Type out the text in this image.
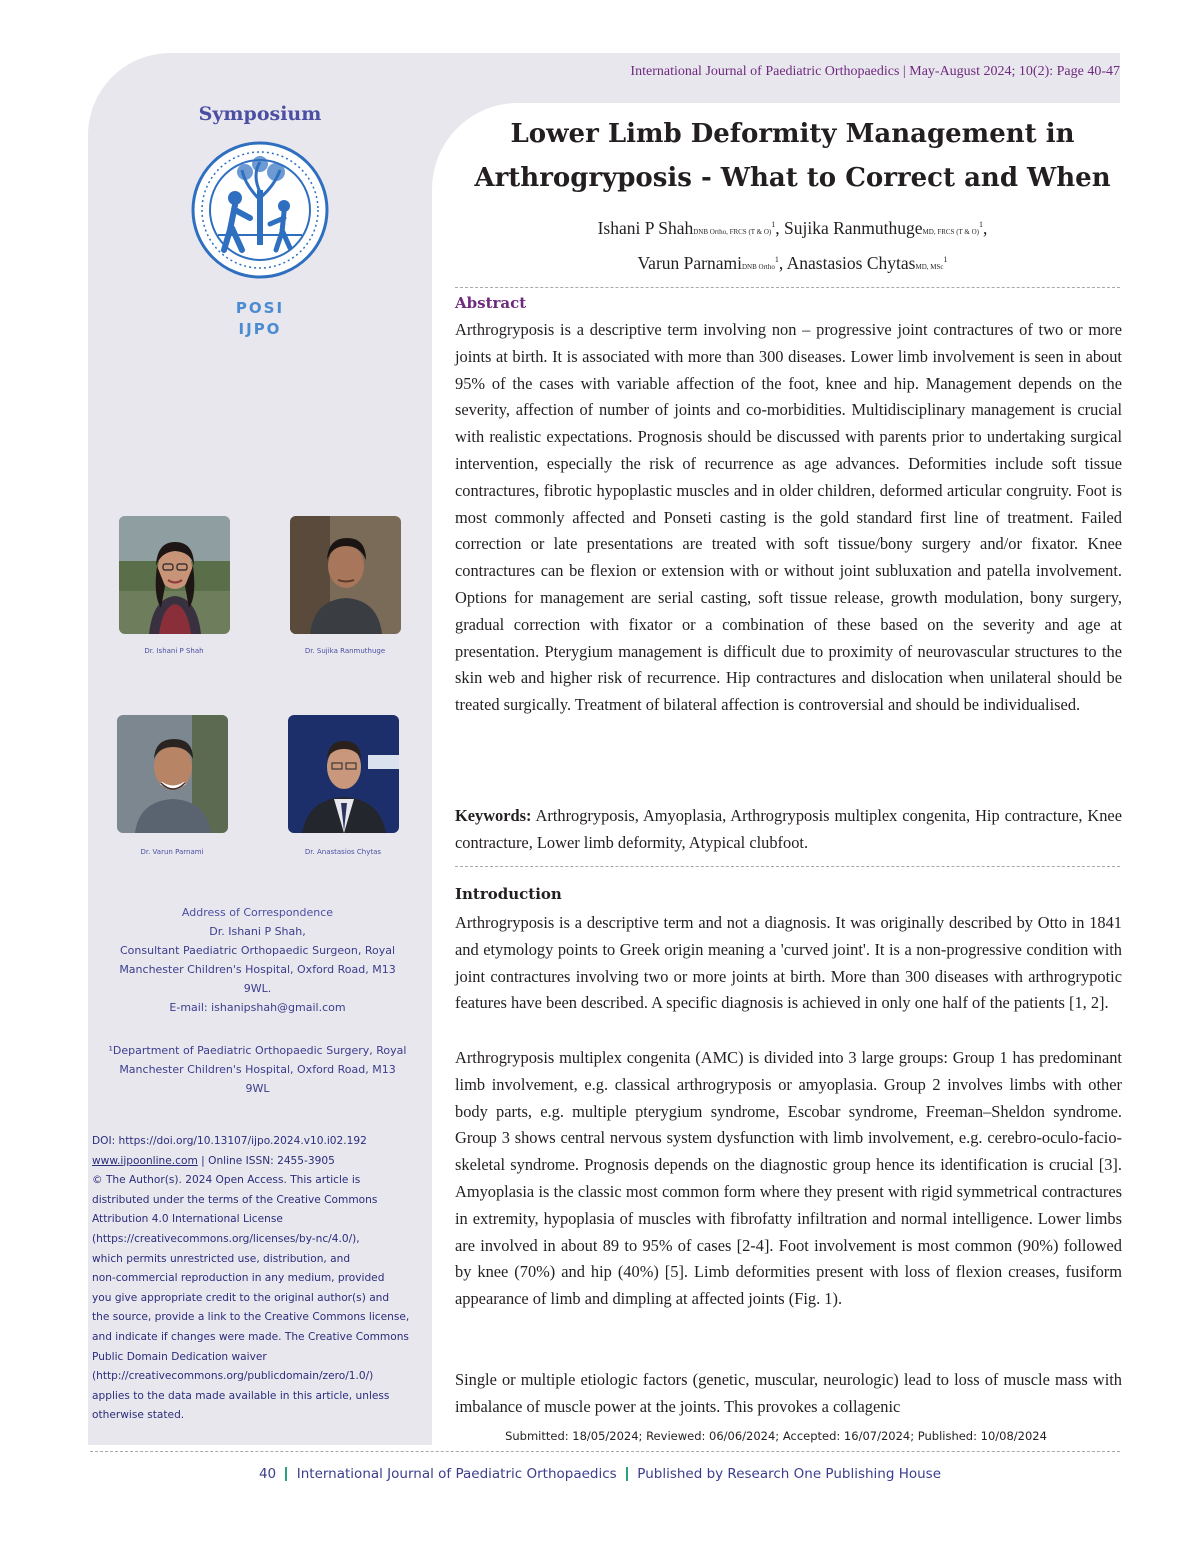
International Journal of Paediatric Orthopaedics | May-August 2024; 10(2): Page 40-47
Symposium
POSI
IJPO
Dr. Ishani P Shah	Dr. Sujika Ranmuthuge
Dr. Varun Parnami	Dr. Anastasios Chytas
Address of Correspondence
Dr. Ishani P Shah,
Consultant Paediatric Orthopaedic Surgeon, Royal
Manchester Children's Hospital, Oxford Road, M13
9WL.
E-mail: ishanipshah@gmail.com
¹Department of Paediatric Orthopaedic Surgery, Royal
Manchester Children's Hospital, Oxford Road, M13
9WL
DOI: https://doi.org/10.13107/ijpo.2024.v10.i02.192
www.ijpoonline.com | Online ISSN: 2455-3905
© The Author(s). 2024 Open Access. This article is
distributed under the terms of the Creative Commons
Attribution 4.0 International License
(https://creativecommons.org/licenses/by-nc/4.0/),
which permits unrestricted use, distribution, and
non-commercial reproduction in any medium, provided
you give appropriate credit to the original author(s) and
the source, provide a link to the Creative Commons license,
and indicate if changes were made. The Creative Commons
Public Domain Dedication waiver
(http://creativecommons.org/publicdomain/zero/1.0/)
applies to the data made available in this article, unless
otherwise stated.
Lower Limb Deformity Management in
Arthrogryposis - What to Correct and When
Ishani P ShahDNB Ortho, FRCS (T & O)$^1$, Sujika RanmuthugeMD, FRCS (T & O)$^1$,
Varun ParnamiDNB Ortho$^1$, Anastasios ChytasMD, MSc$^1$
Abstract
Arthrogryposis is a descriptive term involving non – progressive joint contractures of two or more joints at birth. It is associated with more than 300 diseases. Lower limb involvement is seen in about 95% of the cases with variable affection of the foot, knee and hip. Management depends on the severity, affection of number of joints and co-morbidities. Multidisciplinary management is crucial with realistic expectations. Prognosis should be discussed with parents prior to undertaking surgical intervention, especially the risk of recurrence as age advances. Deformities include soft tissue contractures, fibrotic hypoplastic muscles and in older children, deformed articular congruity. Foot is most commonly affected and Ponseti casting is the gold standard first line of treatment. Failed correction or late presentations are treated with soft tissue/bony surgery and/or fixator. Knee contractures can be flexion or extension with or without joint subluxation and patella involvement. Options for management are serial casting, soft tissue release, growth modulation, bony surgery, gradual correction with fixator or a combination of these based on the severity and age at presentation. Pterygium management is difficult due to proximity of neurovascular structures to the skin web and higher risk of recurrence. Hip contractures and dislocation when unilateral should be treated surgically. Treatment of bilateral affection is controversial and should be individualised.
Keywords: Arthrogryposis, Amyoplasia, Arthrogryposis multiplex congenita, Hip contracture, Knee contracture, Lower limb deformity, Atypical clubfoot.
Introduction
Arthrogryposis is a descriptive term and not a diagnosis. It was originally described by Otto in 1841 and etymology points to Greek origin meaning a 'curved joint'. It is a non-progressive condition with joint contractures involving two or more joints at birth. More than 300 diseases with arthrogrypotic features have been described. A specific diagnosis is achieved in only one half of the patients [1, 2].
Arthrogryposis multiplex congenita (AMC) is divided into 3 large groups: Group 1 has predominant limb involvement, e.g. classical arthrogryposis or amyoplasia. Group 2 involves limbs with other body parts, e.g. multiple pterygium syndrome, Escobar syndrome, Freeman–Sheldon syndrome. Group 3 shows central nervous system dysfunction with limb involvement, e.g. cerebro-oculo-facio-skeletal syndrome. Prognosis depends on the diagnostic group hence its identification is crucial [3]. Amyoplasia is the classic most common form where they present with rigid symmetrical contractures in extremity, hypoplasia of muscles with fibrofatty infiltration and normal intelligence. Lower limbs are involved in about 89 to 95% of cases [2-4]. Foot involvement is most common (90%) followed by knee (70%) and hip (40%) [5]. Limb deformities present with loss of flexion creases, fusiform appearance of limb and dimpling at affected joints (Fig. 1).
Single or multiple etiologic factors (genetic, muscular, neurologic) lead to loss of muscle mass with imbalance of muscle power at the joints. This provokes a collagenic
Submitted: 18/05/2024; Reviewed: 06/06/2024; Accepted: 16/07/2024; Published: 10/08/2024
40 International Journal of Paediatric Orthopaedics Published by Research One Publishing House
